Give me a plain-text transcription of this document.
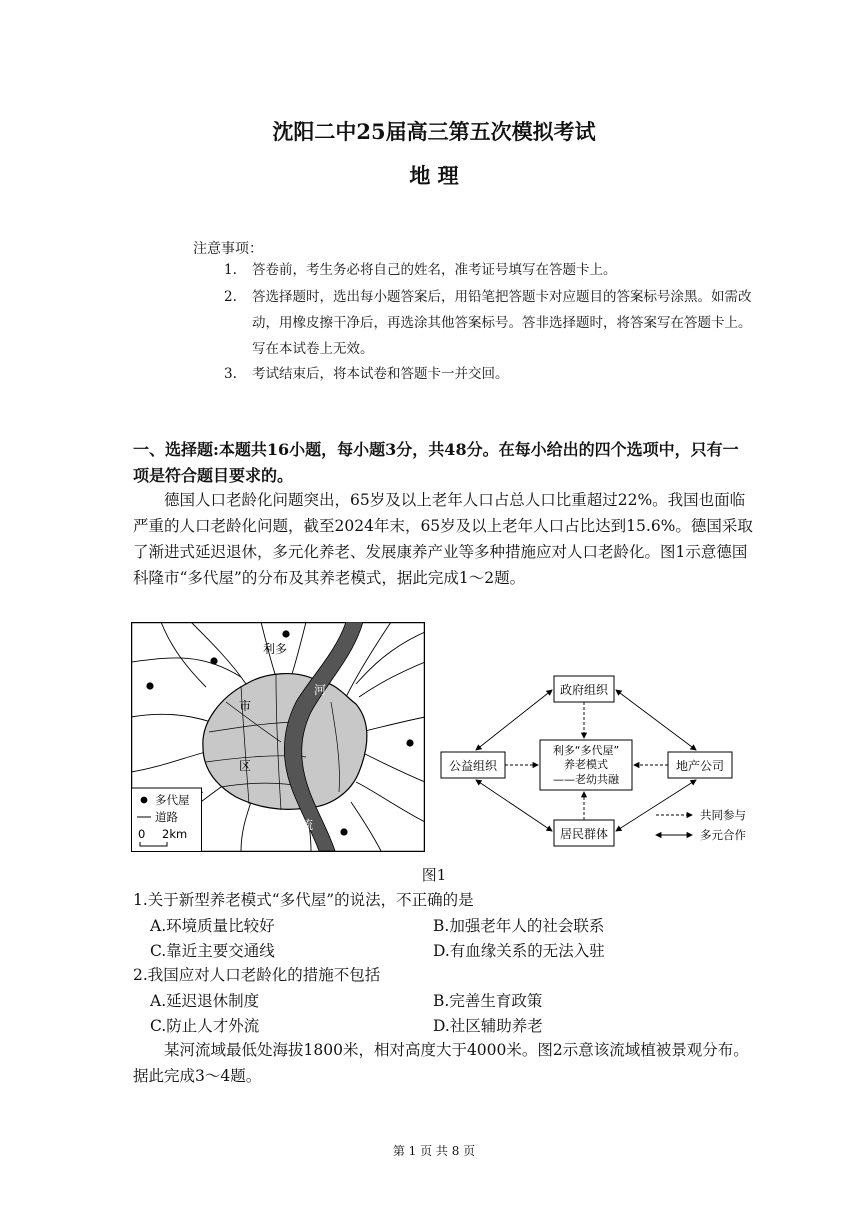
沈阳二中25届高三第五次模拟考试
地 理
注意事项：
1. 答卷前，考生务必将自己的姓名，准考证号填写在答题卡上。
2. 答选择题时，选出每小题答案后，用铅笔把答题卡对应题目的答案标号涂黑。如需改动，用橡皮擦干净后，再选涂其他答案标号。答非选择题时，将答案写在答题卡上。写在本试卷上无效。
3. 考试结束后，将本试卷和答题卡一并交回。
一、选择题:本题共16小题，每小题3分，共48分。在每小给出的四个选项中，只有一项是符合题目要求的。
德国人口老龄化问题突出，65岁及以上老年人口占总人口比重超过22%。我国也面临严重的人口老龄化问题，截至2024年末，65岁及以上老年人口占比达到15.6%。德国采取了渐进式延迟退休，多元化养老、发展康养产业等多种措施应对人口老龄化。图1示意德国科隆市“多代屋”的分布及其养老模式，据此完成1～2题。
利多
市
区
河
流
多代屋
道路
0 2km
政府组织
公益组织	地产公司
居民群体
利多“多代屋”
养老模式
——老幼共融
共同参与
多元合作
图1
1.关于新型养老模式“多代屋”的说法，不正确的是
A.环境质量比较好	B.加强老年人的社会联系
C.靠近主要交通线	D.有血缘关系的无法入驻
2.我国应对人口老龄化的措施不包括
A.延迟退休制度	B.完善生育政策
C.防止人才外流	D.社区辅助养老
某河流域最低处海拔1800米，相对高度大于4000米。图2示意该流域植被景观分布。据此完成3～4题。
第 1 页 共 8 页
